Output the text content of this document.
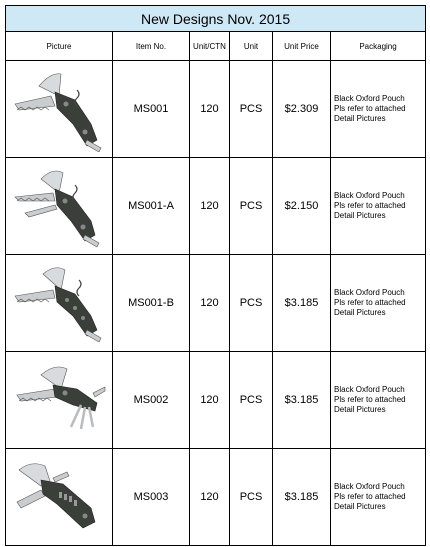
New Designs Nov. 2015					
Picture	Item No.	Unit/CTN	Unit	Unit Price	Packaging

	MS001	120	PCS	$2.309	Black Oxford Pouch
Pls refer to attached
Detail Pictures

	MS001-A	120	PCS	$2.150	Black Oxford Pouch
Pls refer to attached
Detail Pictures

	MS001-B	120	PCS	$3.185	Black Oxford Pouch
Pls refer to attached
Detail Pictures

	MS002	120	PCS	$3.185	Black Oxford Pouch
Pls refer to attached
Detail Pictures

	MS003	120	PCS	$3.185	Black Oxford Pouch
Pls refer to attached
Detail Pictures
